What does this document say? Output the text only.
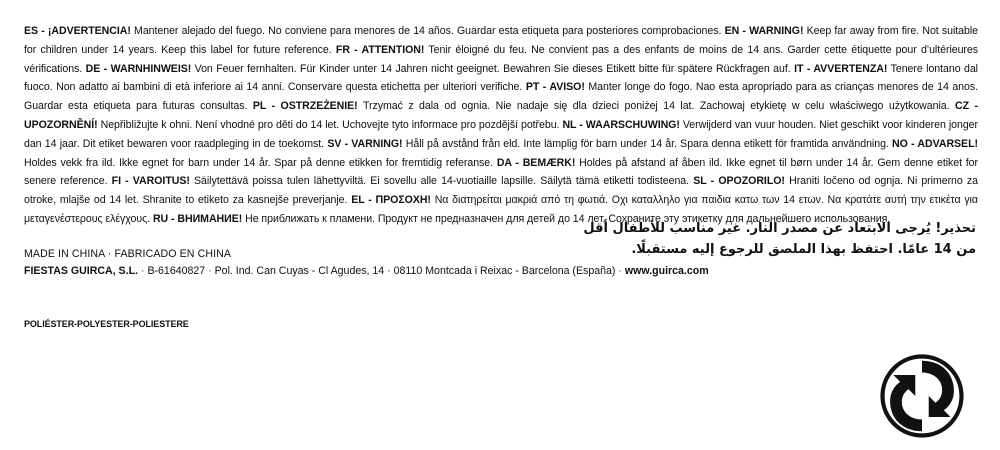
ES - ¡ADVERTENCIA! Mantener alejado del fuego. No conviene para menores de 14 años. Guardar esta etiqueta para posteriores comprobaciones. EN - WARNING! Keep far away from fire. Not suitable for children under 14 years. Keep this label for future reference. FR - ATTENTION! Tenir éloigné du feu. Ne convient pas a des enfants de moins de 14 ans. Garder cette étiquette pour d’ultérieures vérifications. DE - WARNHINWEIS! Von Feuer fernhalten. Für Kinder unter 14 Jahren nicht geeignet. Bewahren Sie dieses Etikett bitte für spätere Rückfragen auf. IT - AVVERTENZA! Tenere lontano dal fuoco. Non adatto ai bambini di età inferiore ai 14 anni. Conservare questa etichetta per ulteriori verifiche. PT - AVISO! Manter longe do fogo. Nao esta apropriado para as crianças menores de 14 anos. Guardar esta etiqueta para futuras consultas. PL - OSTRZEŻENIE! Trzymać z dala od ognia. Nie nadaje się dla dzieci poniżej 14 lat. Zachowaj etykietę w celu właściwego użytkowania. CZ - UPOZORNĚNÍ! Nepřibližujte k ohni. Není vhodné pro děti do 14 let. Uchovejte tyto informace pro pozdější potřebu. NL - WAARSCHUWING! Verwijderd van vuur houden. Niet geschikt voor kinderen jonger dan 14 jaar. Dit etiket bewaren voor raadpleging in de toekomst. SV - VARNING! Håll på avstånd från eld. Inte lämplig för barn under 14 år. Spara denna etikett för framtida användning. NO - ADVARSEL! Holdes vekk fra ild. Ikke egnet for barn under 14 år. Spar på denne etikken for fremtidig referanse. DA - BEMÆRK! Holdes på afstand af åben ild. Ikke egnet til børn under 14 år. Gem denne etiket for senere reference. FI - VAROITUS! Säilytettävä poissa tulen lähettyviltä. Ei sovellu alle 14-vuotiaille lapsille. Säilytä tämä etiketti todisteena. SL - OPOZORILO! Hraniti ločeno od ognja. Ni primerno za otroke, mlajše od 14 let. Shranite to etiketo za kasnejše preverjanje. EL - ΠΡΟΣΟΧΗ! Να διατηρείται μακριά από τη φωτιά. Οχι καταλληλο για παιδια κατω των 14 ετων. Να κρατάτε αυτή την ετικέτα για μεταγενέστερους ελέγχους. RU - ВНИМАНИЕ! Не приближать к пламени. Продукт не предназначен для детей до 14 лет. Сохраните эту этикетку для дальнейшего использования.
تحذير! يُرجى الابتعاد عن مصدر النار. غير مناسب للأطفال أقل
من 14 عامًا. احتفظ بهذا الملصق للرجوع إليه مستقبلًا.
MADE IN CHINA · FABRICADO EN CHINA
FIESTAS GUIRCA, S.L. · B-61640827 · Pol. Ind. Can Cuyas - Cl Agudes, 14 · 08110 Montcada i Reixac - Barcelona (España) · www.guirca.com
POLIÉSTER-POLYESTER-POLIESTERE
